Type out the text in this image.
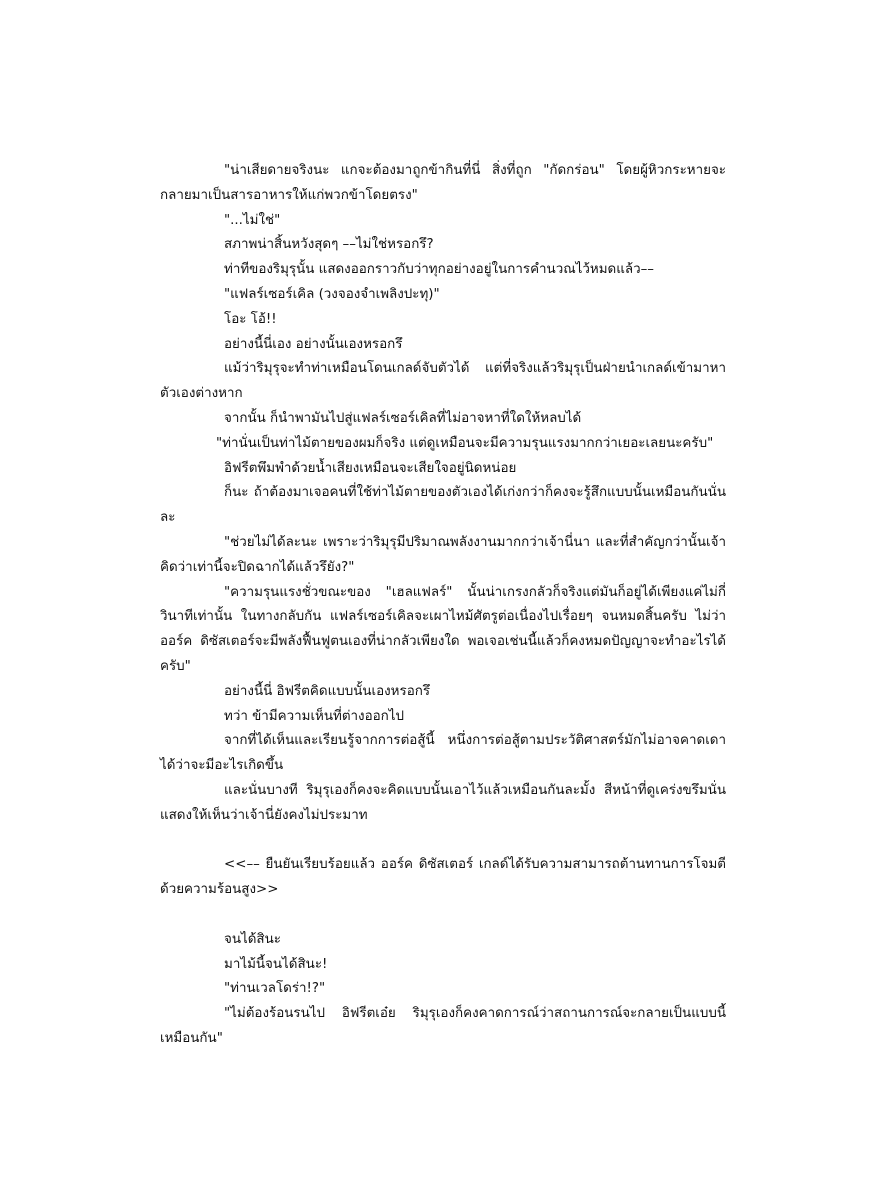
"น่าเสียดายจริงนะ แกจะต้องมาถูกข้ากินที่นี่ สิ่งที่ถูก "กัดกร่อน" โดยผู้หิวกระหายจะกลายมาเป็นสารอาหารให้แก่พวกข้าโดยตรง"

"...ไม่ใช่"

สภาพน่าสิ้นหวังสุดๆ ––ไม่ใช่หรอกรึ?

ท่าทีของริมุรุนั้น แสดงออกราวกับว่าทุกอย่างอยู่ในการคำนวณไว้หมดแล้ว––

"แฟลร์เซอร์เคิล (วงจองจำเพลิงปะทุ)"

โอะ โอ้!!

อย่างนี้นี่เอง อย่างนั้นเองหรอกรึ

แม้ว่าริมุรุจะทำท่าเหมือนโดนเกลด์จับตัวได้ แต่ที่จริงแล้วริมุรุเป็นฝ่ายนำเกลด์เข้ามาหาตัวเองต่างหาก

จากนั้น ก็นำพามันไปสู่แฟลร์เซอร์เคิลที่ไม่อาจหาที่ใดให้หลบได้

"ท่านั่นเป็นท่าไม้ตายของผมก็จริง แต่ดูเหมือนจะมีความรุนแรงมากกว่าเยอะเลยนะครับ"

อิฟรีตพึมพำด้วยน้ำเสียงเหมือนจะเสียใจอยู่นิดหน่อย

ก็นะ ถ้าต้องมาเจอคนที่ใช้ท่าไม้ตายของตัวเองได้เก่งกว่าก็คงจะรู้สึกแบบนั้นเหมือนกันนั่นละ

"ช่วยไม่ได้ละนะ เพราะว่าริมุรุมีปริมาณพลังงานมากกว่าเจ้านี่นา และที่สำคัญกว่านั้นเจ้าคิดว่าเท่านี้จะปิดฉากได้แล้วรึยัง?"

"ความรุนแรงชั่วขณะของ "เฮลแฟลร์" นั้นน่าเกรงกลัวก็จริงแต่มันก็อยู่ได้เพียงแค่ไม่กี่วินาทีเท่านั้น ในทางกลับกัน แฟลร์เซอร์เคิลจะเผาไหม้ศัตรูต่อเนื่องไปเรื่อยๆ จนหมดสิ้นครับ ไม่ว่าออร์ค ดิซัสเตอร์จะมีพลังฟื้นฟูตนเองที่น่ากลัวเพียงใด พอเจอเช่นนี้แล้วก็คงหมดปัญญาจะทำอะไรได้ครับ"

อย่างนี้นี่ อิฟรีตคิดแบบนั้นเองหรอกรึ

ทว่า ข้ามีความเห็นที่ต่างออกไป

จากที่ได้เห็นและเรียนรู้จากการต่อสู้นี้ หนึ่งการต่อสู้ตามประวัติศาสตร์มักไม่อาจคาดเดาได้ว่าจะมีอะไรเกิดขึ้น

และนั่นบางที ริมุรุเองก็คงจะคิดแบบนั้นเอาไว้แล้วเหมือนกันละมั้ง สีหน้าที่ดูเคร่งขรึมนั่นแสดงให้เห็นว่าเจ้านี่ยังคงไม่ประมาท

<<–– ยืนยันเรียบร้อยแล้ว ออร์ค ดิซัสเตอร์ เกลด์ได้รับความสามารถต้านทานการโจมตีด้วยความร้อนสูง>>

จนได้สินะ

มาไม้นี้จนได้สินะ!

"ท่านเวลโดร่า!?"

"ไม่ต้องร้อนรนไป อิฟรีตเอ๋ย ริมุรุเองก็คงคาดการณ์ว่าสถานการณ์จะกลายเป็นแบบนี้เหมือนกัน"
